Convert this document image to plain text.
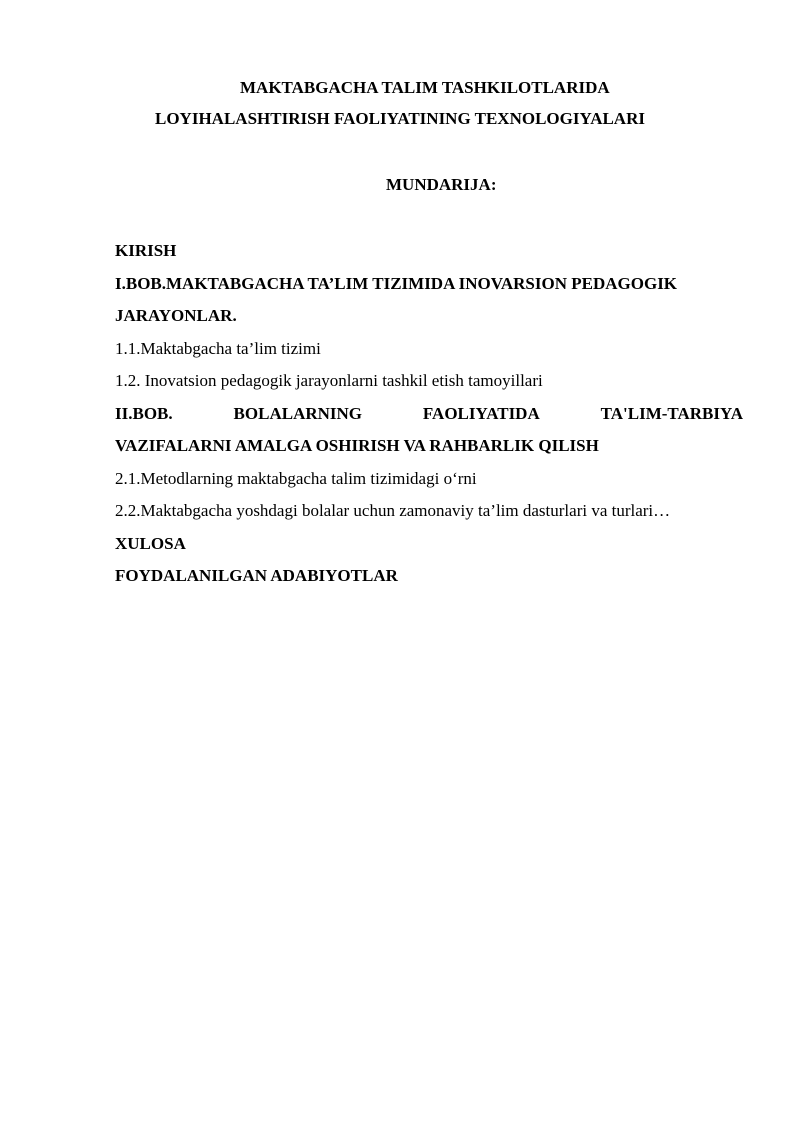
MAKTABGACHA TALIM TASHKILOTLARIDA
LOYIHALASHTIRISH FAOLIYATINING TEXNOLOGIYALARI
MUNDARIJA:
KIRISH
I.BOB.MAKTABGACHA TA’LIM TIZIMIDA INOVARSION PEDAGOGIK
JARAYONLAR.
1.1.Maktabgacha ta’lim tizimi
1.2. Inovatsion pedagogik jarayonlarni tashkil etish tamoyillari
II.BOB.	BOLALARNING	FAOLIYATIDA	TA'LIM-TARBIYA
VAZIFALARNI AMALGA OSHIRISH VA RAHBARLIK QILISH
2.1.Metodlarning maktabgacha talim tizimidagi o‘rni
2.2.Maktabgacha yoshdagi bolalar uchun zamonaviy ta’lim dasturlari va turlari…
XULOSA
FOYDALANILGAN ADABIYOTLAR
